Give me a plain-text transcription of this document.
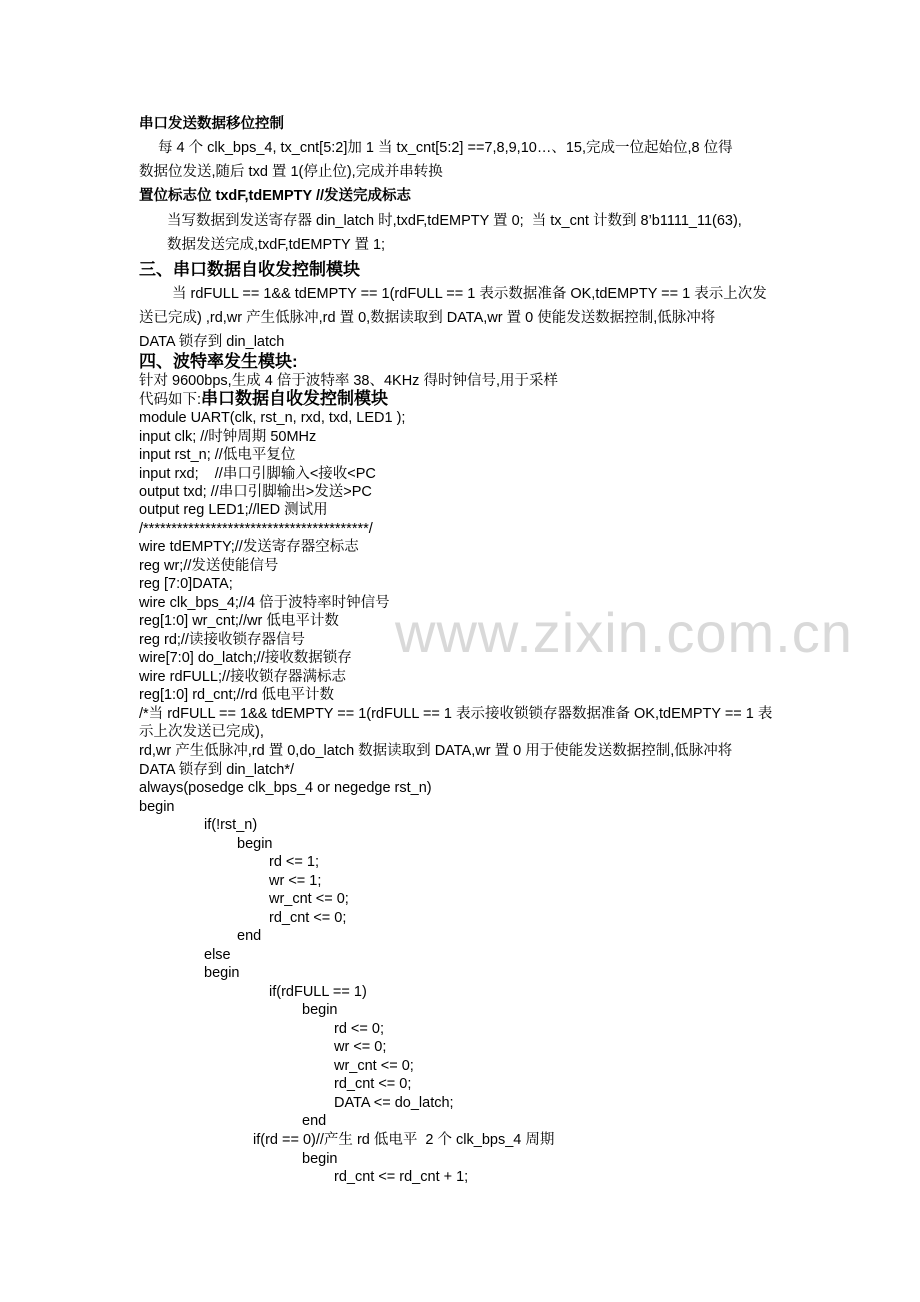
www.zixin.com.cn
串口发送数据移位控制
每 4 个 clk_bps_4, tx_cnt[5:2]加 1 当 tx_cnt[5:2] ==7,8,9,10…、15,完成一位起始位,8 位得
数据位发送,随后 txd 置 1(停止位),完成并串转换
置位标志位 txdF,tdEMPTY //发送完成标志
当写数据到发送寄存器 din_latch 时,txdF,tdEMPTY 置 0;  当 tx_cnt 计数到 8’b1111_11(63),
数据发送完成,txdF,tdEMPTY 置 1;
三、串口数据自收发控制模块
当 rdFULL == 1&& tdEMPTY == 1(rdFULL == 1 表示数据准备 OK,tdEMPTY == 1 表示上次发
送已完成) ,rd,wr 产生低脉冲,rd 置 0,数据读取到 DATA,wr 置 0 使能发送数据控制,低脉冲将
DATA 锁存到 din_latch
四、波特率发生模块:
针对 9600bps,生成 4 倍于波特率 38、4KHz 得时钟信号,用于采样
代码如下:串口数据自收发控制模块
module UART(clk, rst_n, rxd, txd, LED1 );
input clk; //时钟周期 50MHz
input rst_n; //低电平复位
input rxd;    //串口引脚输入<接收<PC
output txd; //串口引脚输出>发送>PC
output reg LED1;//lED 测试用
/****************************************/
wire tdEMPTY;//发送寄存器空标志
reg wr;//发送使能信号
reg [7:0]DATA;
wire clk_bps_4;//4 倍于波特率时钟信号
reg[1:0] wr_cnt;//wr 低电平计数
reg rd;//读接收锁存器信号
wire[7:0] do_latch;//接收数据锁存
wire rdFULL;//接收锁存器满标志
reg[1:0] rd_cnt;//rd 低电平计数
/*当 rdFULL == 1&& tdEMPTY == 1(rdFULL == 1 表示接收锁锁存器数据准备 OK,tdEMPTY == 1 表示上次发送已完成),
rd,wr 产生低脉冲,rd 置 0,do_latch 数据读取到 DATA,wr 置 0 用于使能发送数据控制,低脉冲将
DATA 锁存到 din_latch*/
always(posedge clk_bps_4 or negedge rst_n)
begin
if(!rst_n)
begin
rd <= 1;
wr <= 1;
wr_cnt <= 0;
rd_cnt <= 0;
end
else
begin
if(rdFULL == 1)
begin
rd <= 0;
wr <= 0;
wr_cnt <= 0;
rd_cnt <= 0;
DATA <= do_latch;
end
if(rd == 0)//产生 rd 低电平  2 个 clk_bps_4 周期
begin
rd_cnt <= rd_cnt + 1;
